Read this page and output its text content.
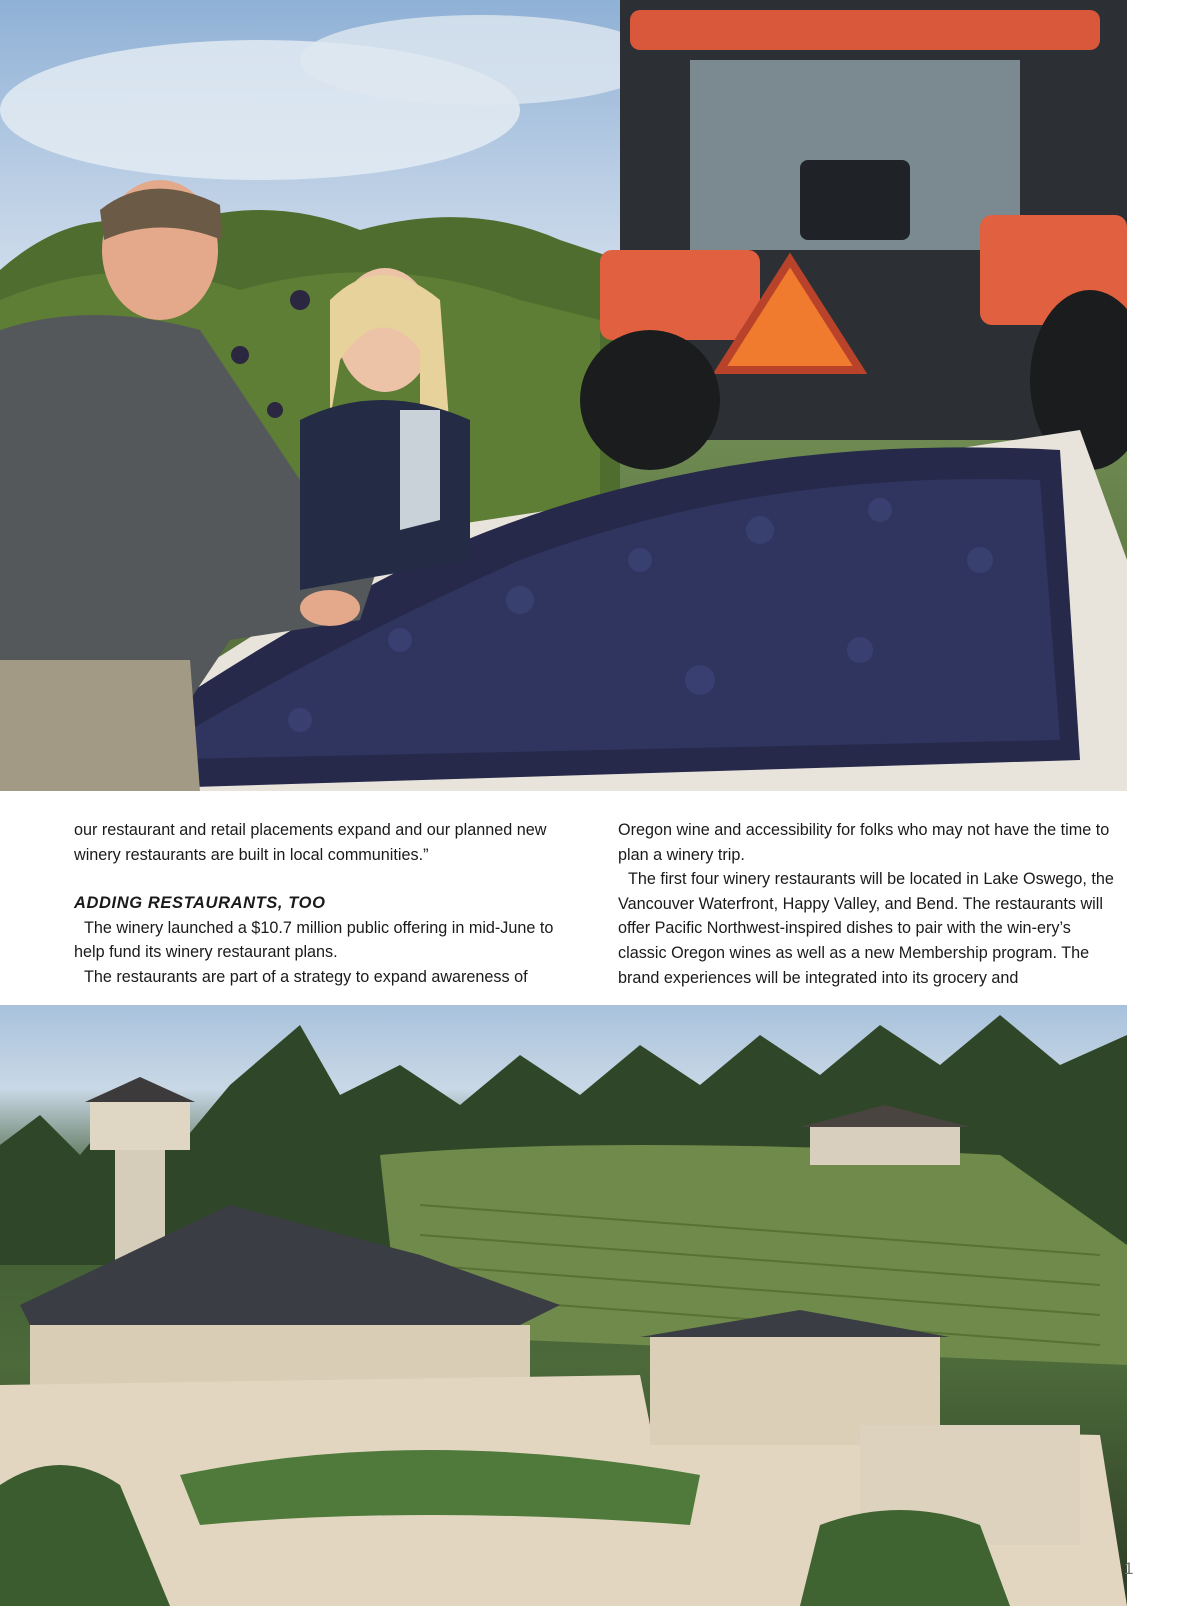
our restaurant and retail placements expand and our planned new winery restaurants are built in local communities.”

ADDING RESTAURANTS, TOO

The winery launched a $10.7 million public offering in mid-June to help fund its winery restaurant plans.

The restaurants are part of a strategy to expand awareness of

Oregon wine and accessibility for folks who may not have the time to plan a winery trip.

The first four winery restaurants will be located in Lake Oswego, the Vancouver Waterfront, Happy Valley, and Bend. The restaurants will offer Pacific Northwest-inspired dishes to pair with the win-ery’s classic Oregon wines as well as a new Membership program. The brand experiences will be integrated into its grocery and

1
